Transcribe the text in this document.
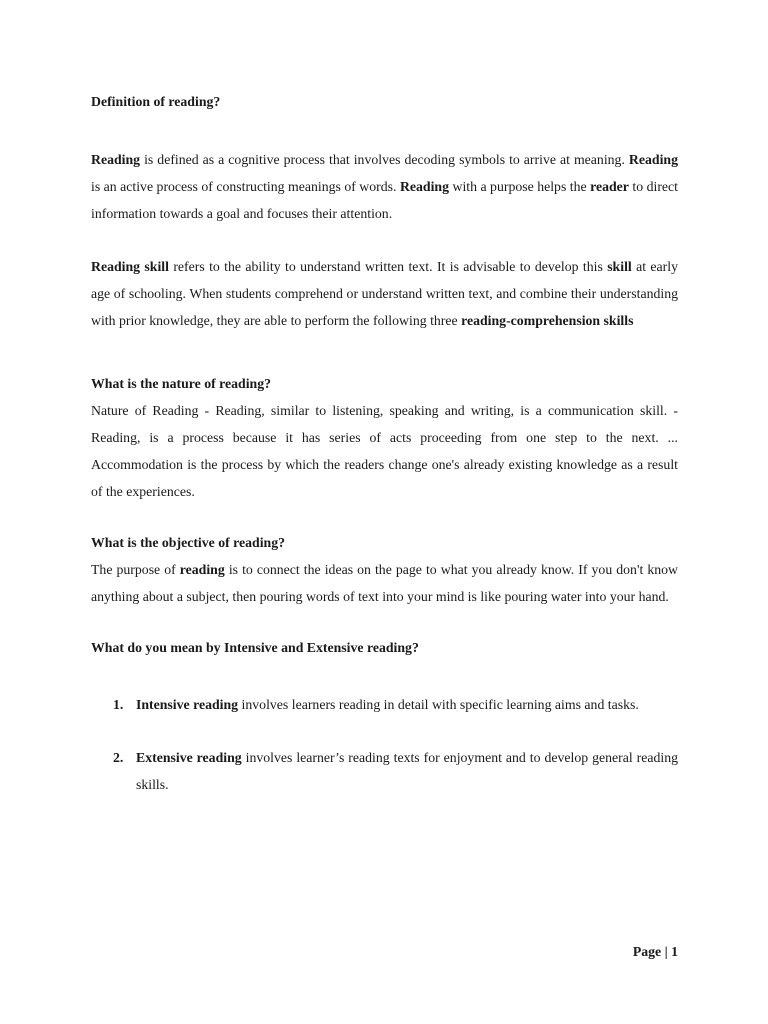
Definition of reading?

Reading is defined as a cognitive process that involves decoding symbols to arrive at meaning. Reading is an active process of constructing meanings of words. Reading with a purpose helps the reader to direct information towards a goal and focuses their attention.

Reading skill refers to the ability to understand written text. It is advisable to develop this skill at early age of schooling. When students comprehend or understand written text, and combine their understanding with prior knowledge, they are able to perform the following three reading-comprehension skills

What is the nature of reading?

Nature of Reading - Reading, similar to listening, speaking and writing, is a communication skill. - Reading, is a process because it has series of acts proceeding from one step to the next. ... Accommodation is the process by which the readers change one's already existing knowledge as a result of the experiences.

What is the objective of reading?

The purpose of reading is to connect the ideas on the page to what you already know. If you don't know anything about a subject, then pouring words of text into your mind is like pouring water into your hand.

What do you mean by Intensive and Extensive reading?
1. Intensive reading involves learners reading in detail with specific learning aims and tasks.

2. Extensive reading involves learner’s reading texts for enjoyment and to develop general reading skills.

Page | 1
